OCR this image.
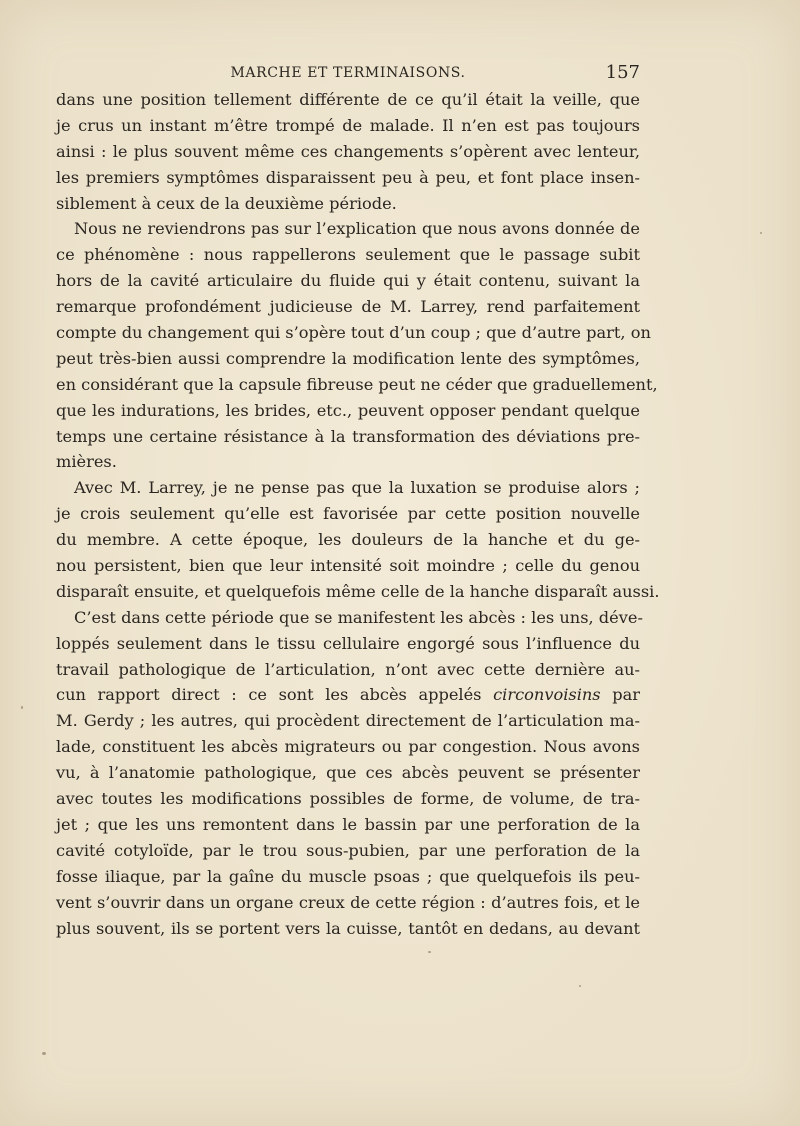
MARCHE ET TERMINAISONS.	157
dans une position tellement différente de ce qu’il était la veille, que
je crus un instant m’être trompé de malade. Il n’en est pas toujours
ainsi : le plus souvent même ces changements s’opèrent avec lenteur,
les premiers symptômes disparaissent peu à peu, et font place insen-
siblement à ceux de la deuxième période.
Nous ne reviendrons pas sur l’explication que nous avons donnée de
ce phénomène : nous rappellerons seulement que le passage subit
hors de la cavité articulaire du fluide qui y était contenu, suivant la
remarque profondément judicieuse de M. Larrey, rend parfaitement
compte du changement qui s’opère tout d’un coup ; que d’autre part, on
peut très-bien aussi comprendre la modification lente des symptômes,
en considérant que la capsule fibreuse peut ne céder que graduellement,
que les indurations, les brides, etc., peuvent opposer pendant quelque
temps une certaine résistance à la transformation des déviations pre-
mières.
Avec M. Larrey, je ne pense pas que la luxation se produise alors ;
je crois seulement qu’elle est favorisée par cette position nouvelle
du membre. A cette époque, les douleurs de la hanche et du ge-
nou persistent, bien que leur intensité soit moindre ; celle du genou
disparaît ensuite, et quelquefois même celle de la hanche disparaît aussi.
C’est dans cette période que se manifestent les abcès : les uns, déve-
loppés seulement dans le tissu cellulaire engorgé sous l’influence du
travail pathologique de l’articulation, n’ont avec cette dernière au-
cun rapport direct : ce sont les abcès appelés circonvoisins par
M. Gerdy ; les autres, qui procèdent directement de l’articulation ma-
lade, constituent les abcès migrateurs ou par congestion. Nous avons
vu, à l’anatomie pathologique, que ces abcès peuvent se présenter
avec toutes les modifications possibles de forme, de volume, de tra-
jet ; que les uns remontent dans le bassin par une perforation de la
cavité cotyloïde, par le trou sous-pubien, par une perforation de la
fosse iliaque, par la gaîne du muscle psoas ; que quelquefois ils peu-
vent s’ouvrir dans un organe creux de cette région : d’autres fois, et le
plus souvent, ils se portent vers la cuisse, tantôt en dedans, au devant
